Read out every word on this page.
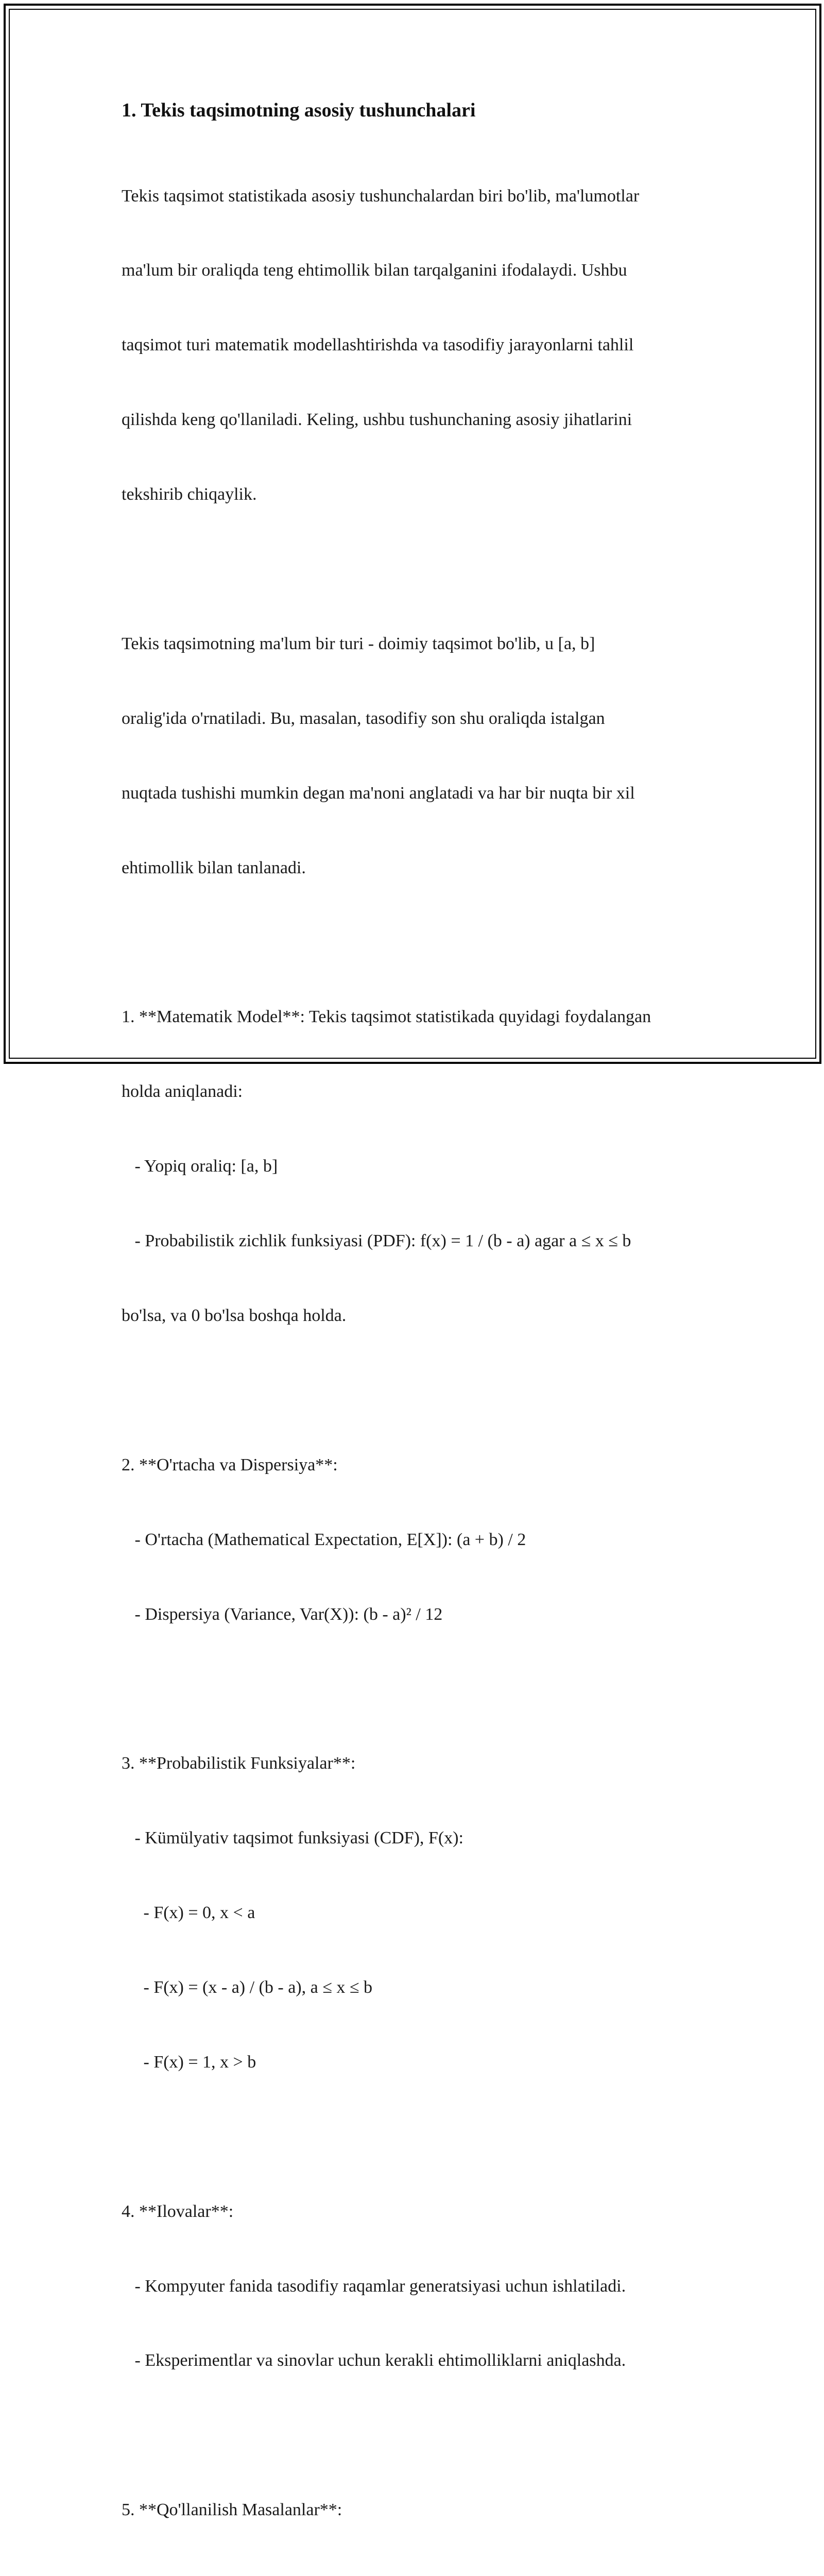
1. Tekis taqsimotning asosiy tushunchalari

Tekis taqsimot statistikada asosiy tushunchalardan biri bo'lib, ma'lumotlar

ma'lum bir oraliqda teng ehtimollik bilan tarqalganini ifodalaydi. Ushbu

taqsimot turi matematik modellashtirishda va tasodifiy jarayonlarni tahlil

qilishda keng qo'llaniladi. Keling, ushbu tushunchaning asosiy jihatlarini

tekshirib chiqaylik.

Tekis taqsimotning ma'lum bir turi - doimiy taqsimot bo'lib, u [a, b]

oralig'ida o'rnatiladi. Bu, masalan, tasodifiy son shu oraliqda istalgan

nuqtada tushishi mumkin degan ma'noni anglatadi va har bir nuqta bir xil

ehtimollik bilan tanlanadi.

1. **Matematik Model**: Tekis taqsimot statistikada quyidagi foydalangan

holda aniqlanadi:

- Yopiq oraliq: [a, b]

- Probabilistik zichlik funksiyasi (PDF): f(x) = 1 / (b - a) agar a ≤ x ≤ b

bo'lsa, va 0 bo'lsa boshqa holda.

2. **O'rtacha va Dispersiya**:

- O'rtacha (Mathematical Expectation, E[X]): (a + b) / 2

- Dispersiya (Variance, Var(X)): (b - a)² / 12

3. **Probabilistik Funksiyalar**:

- Kümülyativ taqsimot funksiyasi (CDF), F(x):

- F(x) = 0, x < a

- F(x) = (x - a) / (b - a), a ≤ x ≤ b

- F(x) = 1, x > b

4. **Ilovalar**:

- Kompyuter fanida tasodifiy raqamlar generatsiyasi uchun ishlatiladi.

- Eksperimentlar va sinovlar uchun kerakli ehtimolliklarni aniqlashda.

5. **Qo'llanilish Masalanlar**:
